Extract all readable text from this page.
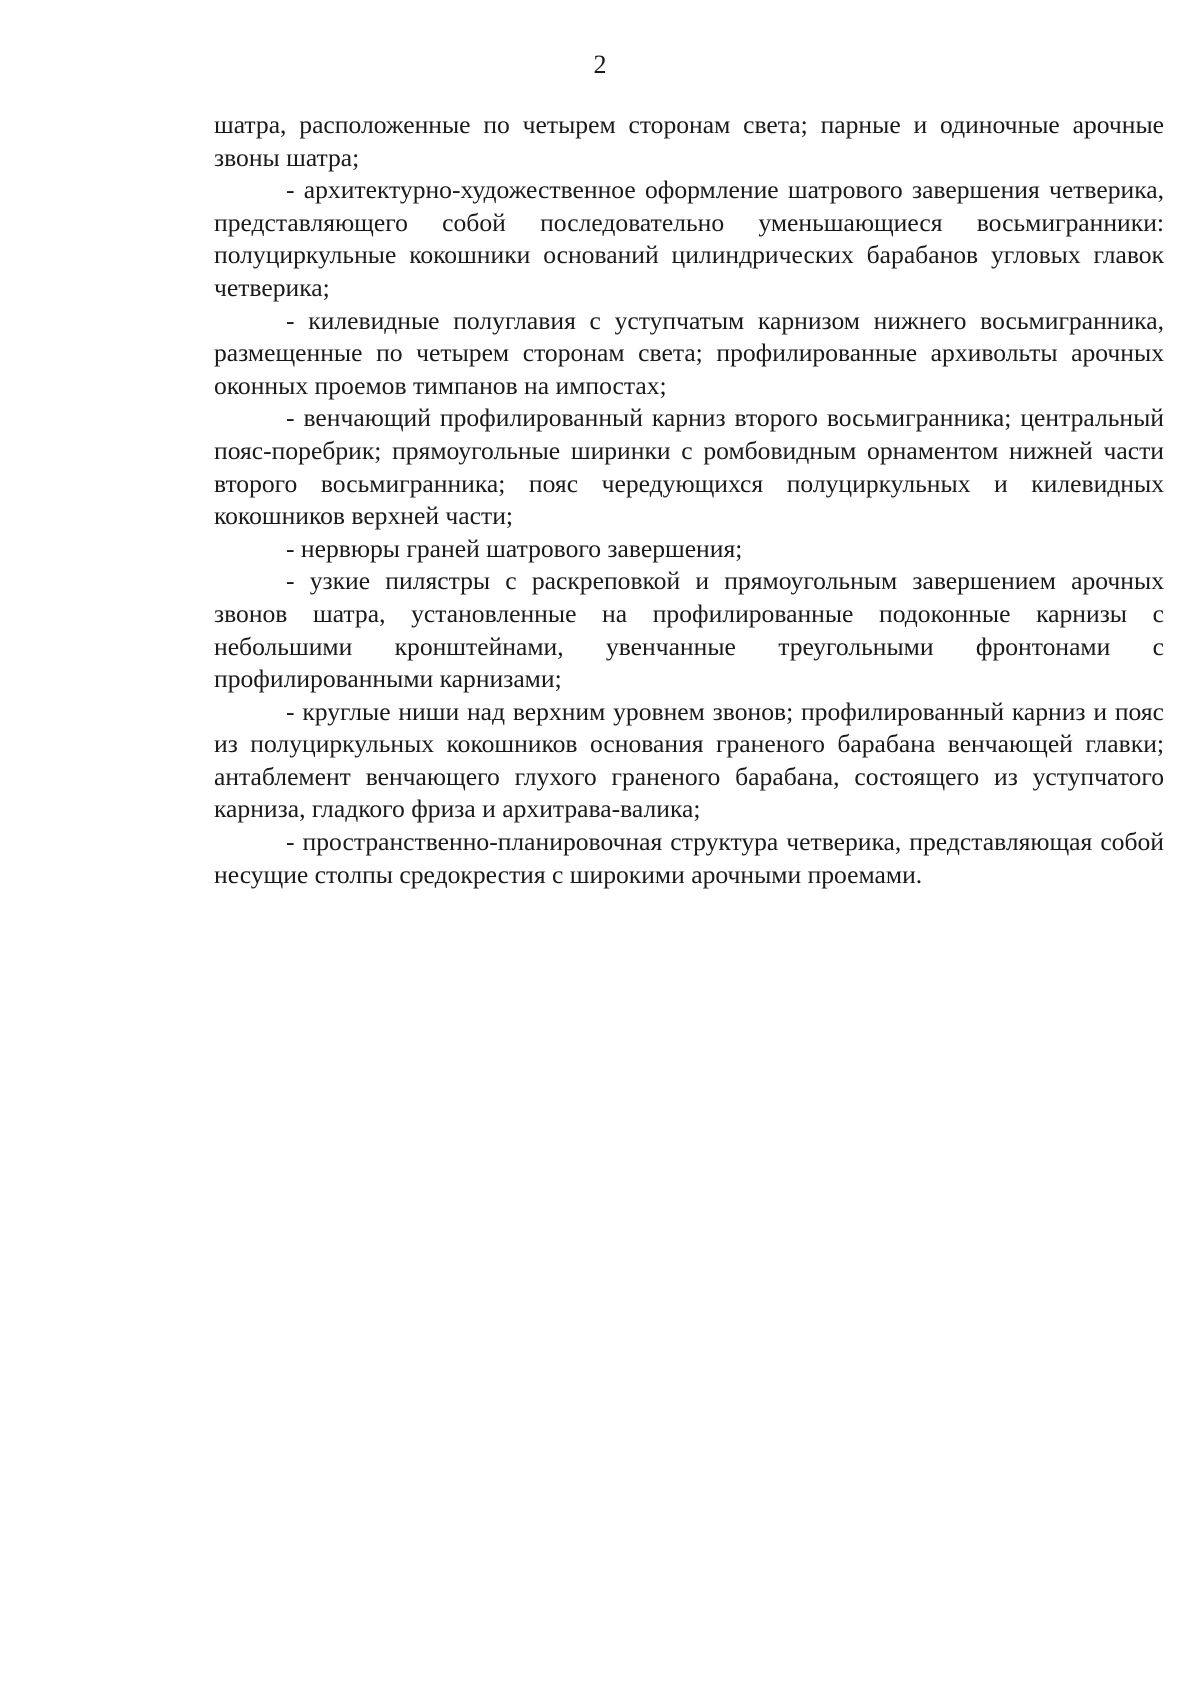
2

шатра, расположенные по четырем сторонам света; парные и одиночные арочные звоны шатра;

- архитектурно-художественное оформление шатрового завершения четверика, представляющего собой последовательно уменьшающиеся восьмигранники: полуциркульные кокошники оснований цилиндрических барабанов угловых главок четверика;

- килевидные полуглавия с уступчатым карнизом нижнего восьмигранника, размещенные по четырем сторонам света; профилированные архивольты арочных оконных проемов тимпанов на импостах;

- венчающий профилированный карниз второго восьмигранника; центральный пояс-поребрик; прямоугольные ширинки с ромбовидным орнаментом нижней части второго восьмигранника; пояс чередующихся полуциркульных и килевидных кокошников верхней части;

- нервюры граней шатрового завершения;

- узкие пилястры с раскреповкой и прямоугольным завершением арочных звонов шатра, установленные на профилированные подоконные карнизы с небольшими кронштейнами, увенчанные треугольными фронтонами с профилированными карнизами;

- круглые ниши над верхним уровнем звонов; профилированный карниз и пояс из полуциркульных кокошников основания граненого барабана венчающей главки; антаблемент венчающего глухого граненого барабана, состоящего из уступчатого карниза, гладкого фриза и архитрава-валика;

- пространственно-планировочная структура четверика, представляющая собой несущие столпы средокрестия с широкими арочными проемами.
